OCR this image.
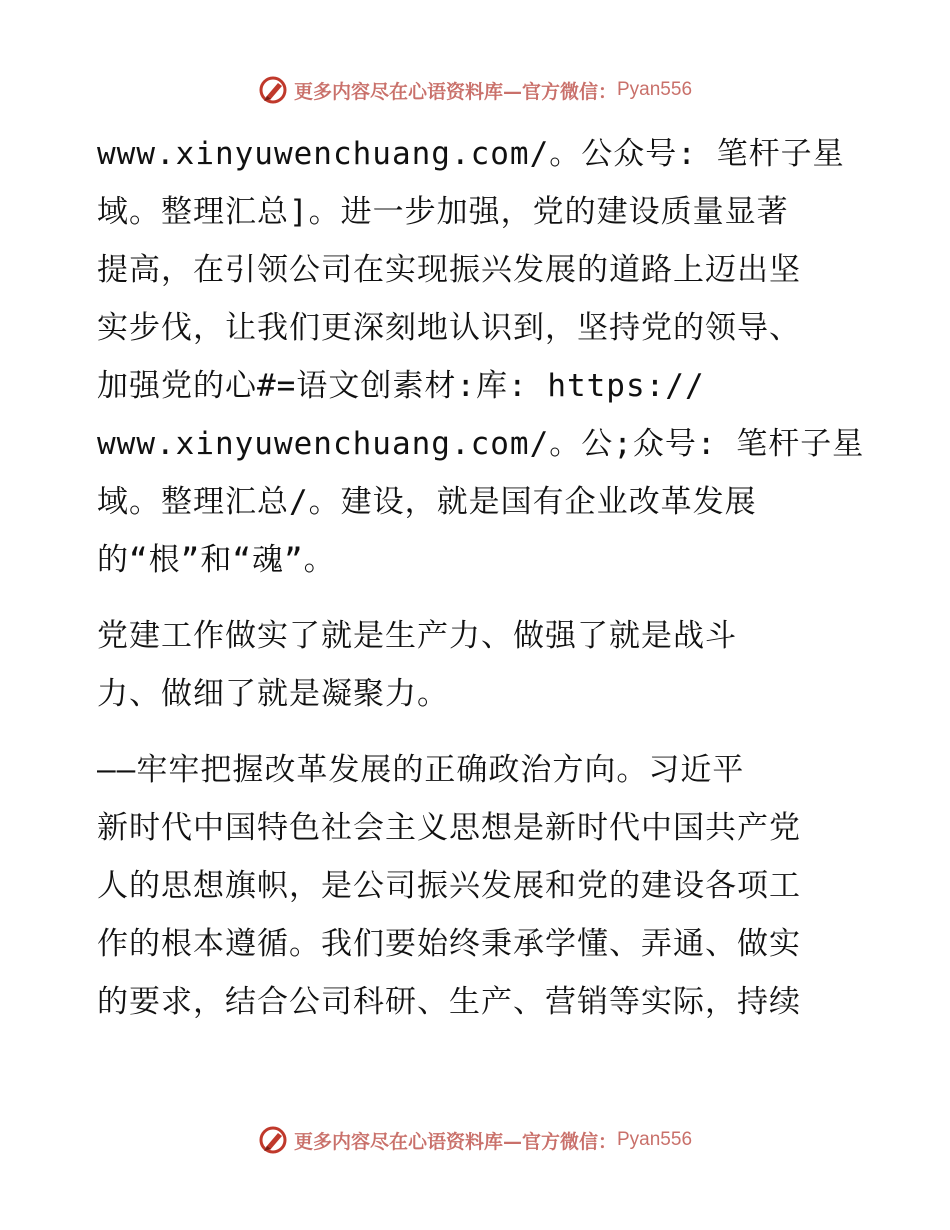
更多内容尽在心语资料库—官方微信： Pyan556
www.xinyuwenchuang.com/。公众号: 笔杆子星
域。整理汇总]。进一步加强，党的建设质量显著
提高，在引领公司在实现振兴发展的道路上迈出坚
实步伐，让我们更深刻地认识到，坚持党的领导、
加强党的心#=语文创素材:库: https://
www.xinyuwenchuang.com/。公;众号: 笔杆子星
域。整理汇总/。建设，就是国有企业改革发展
的“根”和“魂”。
党建工作做实了就是生产力、做强了就是战斗
力、做细了就是凝聚力。
——牢牢把握改革发展的正确政治方向。习近平
新时代中国特色社会主义思想是新时代中国共产党
人的思想旗帜，是公司振兴发展和党的建设各项工
作的根本遵循。我们要始终秉承学懂、弄通、做实
的要求，结合公司科研、生产、营销等实际，持续
更多内容尽在心语资料库—官方微信： Pyan556
